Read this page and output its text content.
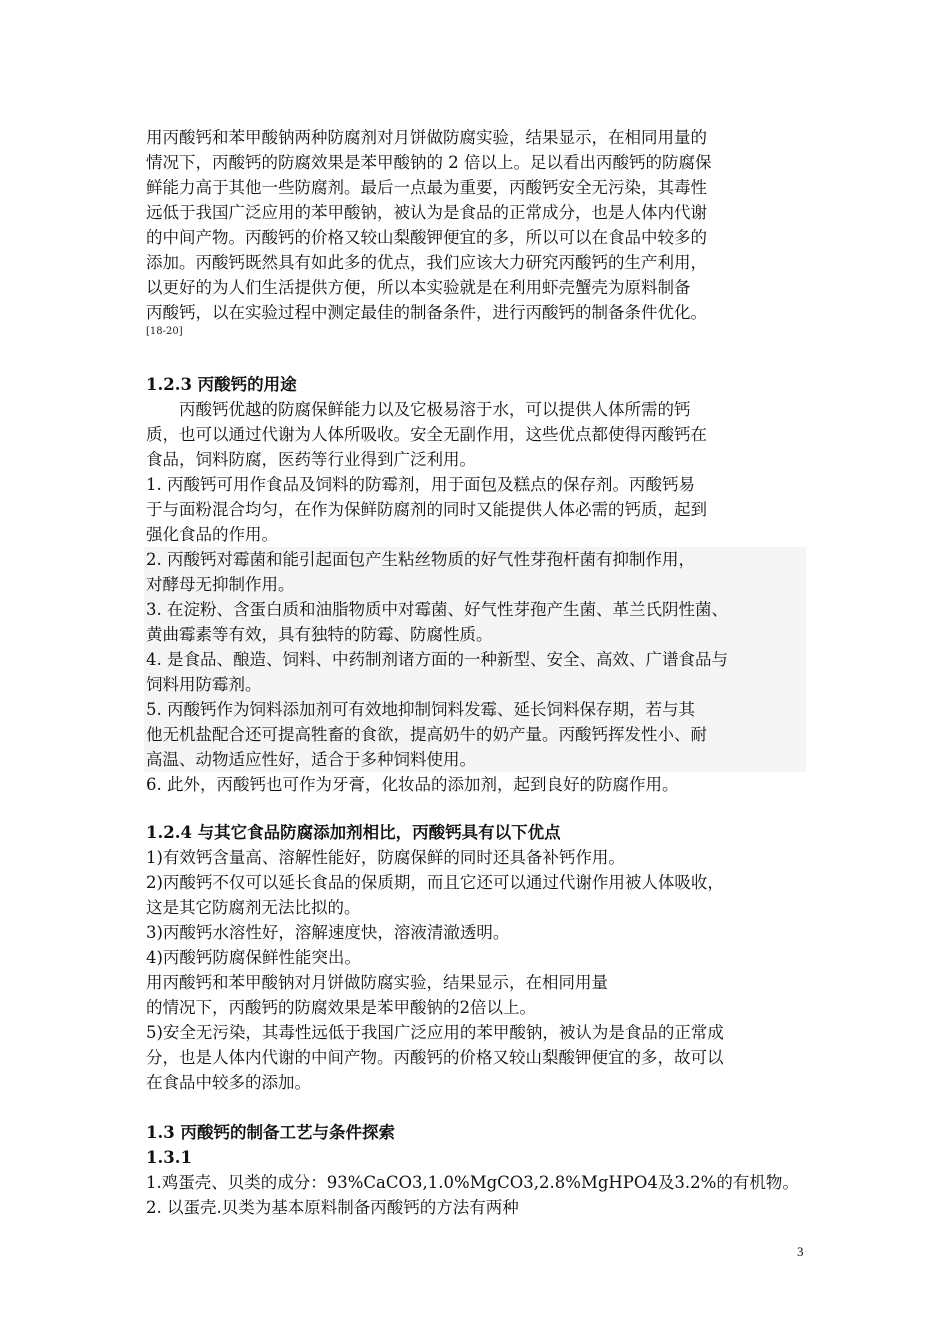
用丙酸钙和苯甲酸钠两种防腐剂对月饼做防腐实验，结果显示，在相同用量的
情况下，丙酸钙的防腐效果是苯甲酸钠的 2 倍以上。足以看出丙酸钙的防腐保
鲜能力高于其他一些防腐剂。最后一点最为重要，丙酸钙安全无污染，其毒性
远低于我国广泛应用的苯甲酸钠，被认为是食品的正常成分，也是人体内代谢
的中间产物。丙酸钙的价格又较山梨酸钾便宜的多，所以可以在食品中较多的
添加。丙酸钙既然具有如此多的优点，我们应该大力研究丙酸钙的生产利用，
以更好的为人们生活提供方便，所以本实验就是在利用虾壳蟹壳为原料制备
丙酸钙，以在实验过程中测定最佳的制备条件，进行丙酸钙的制备条件优化。
[18-20]
1.2.3 丙酸钙的用途
　　丙酸钙优越的防腐保鲜能力以及它极易溶于水，可以提供人体所需的钙
质，也可以通过代谢为人体所吸收。安全无副作用，这些优点都使得丙酸钙在
食品，饲料防腐，医药等行业得到广泛利用。
1. 丙酸钙可用作食品及饲料的防霉剂，用于面包及糕点的保存剂。丙酸钙易
于与面粉混合均匀，在作为保鲜防腐剂的同时又能提供人体必需的钙质，起到
强化食品的作用。
2. 丙酸钙对霉菌和能引起面包产生粘丝物质的好气性芽孢杆菌有抑制作用，
对酵母无抑制作用。
3. 在淀粉、含蛋白质和油脂物质中对霉菌、好气性芽孢产生菌、革兰氏阴性菌、
黄曲霉素等有效，具有独特的防霉、防腐性质。
4. 是食品、酿造、饲料、中药制剂诸方面的一种新型、安全、高效、广谱食品与
饲料用防霉剂。
5. 丙酸钙作为饲料添加剂可有效地抑制饲料发霉、延长饲料保存期，若与其
他无机盐配合还可提高牲畜的食欲，提高奶牛的奶产量。丙酸钙挥发性小、耐
高温、动物适应性好，适合于多种饲料使用。
6. 此外，丙酸钙也可作为牙膏，化妆品的添加剂，起到良好的防腐作用。
1.2.4 与其它食品防腐添加剂相比，丙酸钙具有以下优点
1)有效钙含量高、溶解性能好，防腐保鲜的同时还具备补钙作用。
2)丙酸钙不仅可以延长食品的保质期，而且它还可以通过代谢作用被人体吸收，
这是其它防腐剂无法比拟的。
3)丙酸钙水溶性好，溶解速度快，溶液清澈透明。
4)丙酸钙防腐保鲜性能突出。
用丙酸钙和苯甲酸钠对月饼做防腐实验，结果显示，在相同用量
的情况下，丙酸钙的防腐效果是苯甲酸钠的2倍以上。
5)安全无污染，其毒性远低于我国广泛应用的苯甲酸钠，被认为是食品的正常成
分，也是人体内代谢的中间产物。丙酸钙的价格又较山梨酸钾便宜的多，故可以
在食品中较多的添加。
1.3 丙酸钙的制备工艺与条件探索
1.3.1
1.鸡蛋壳、贝类的成分：93%CaCO3,1.0%MgCO3,2.8%MgHPO4及3.2%的有机物。
2. 以蛋壳.贝类为基本原料制备丙酸钙的方法有两种
3
